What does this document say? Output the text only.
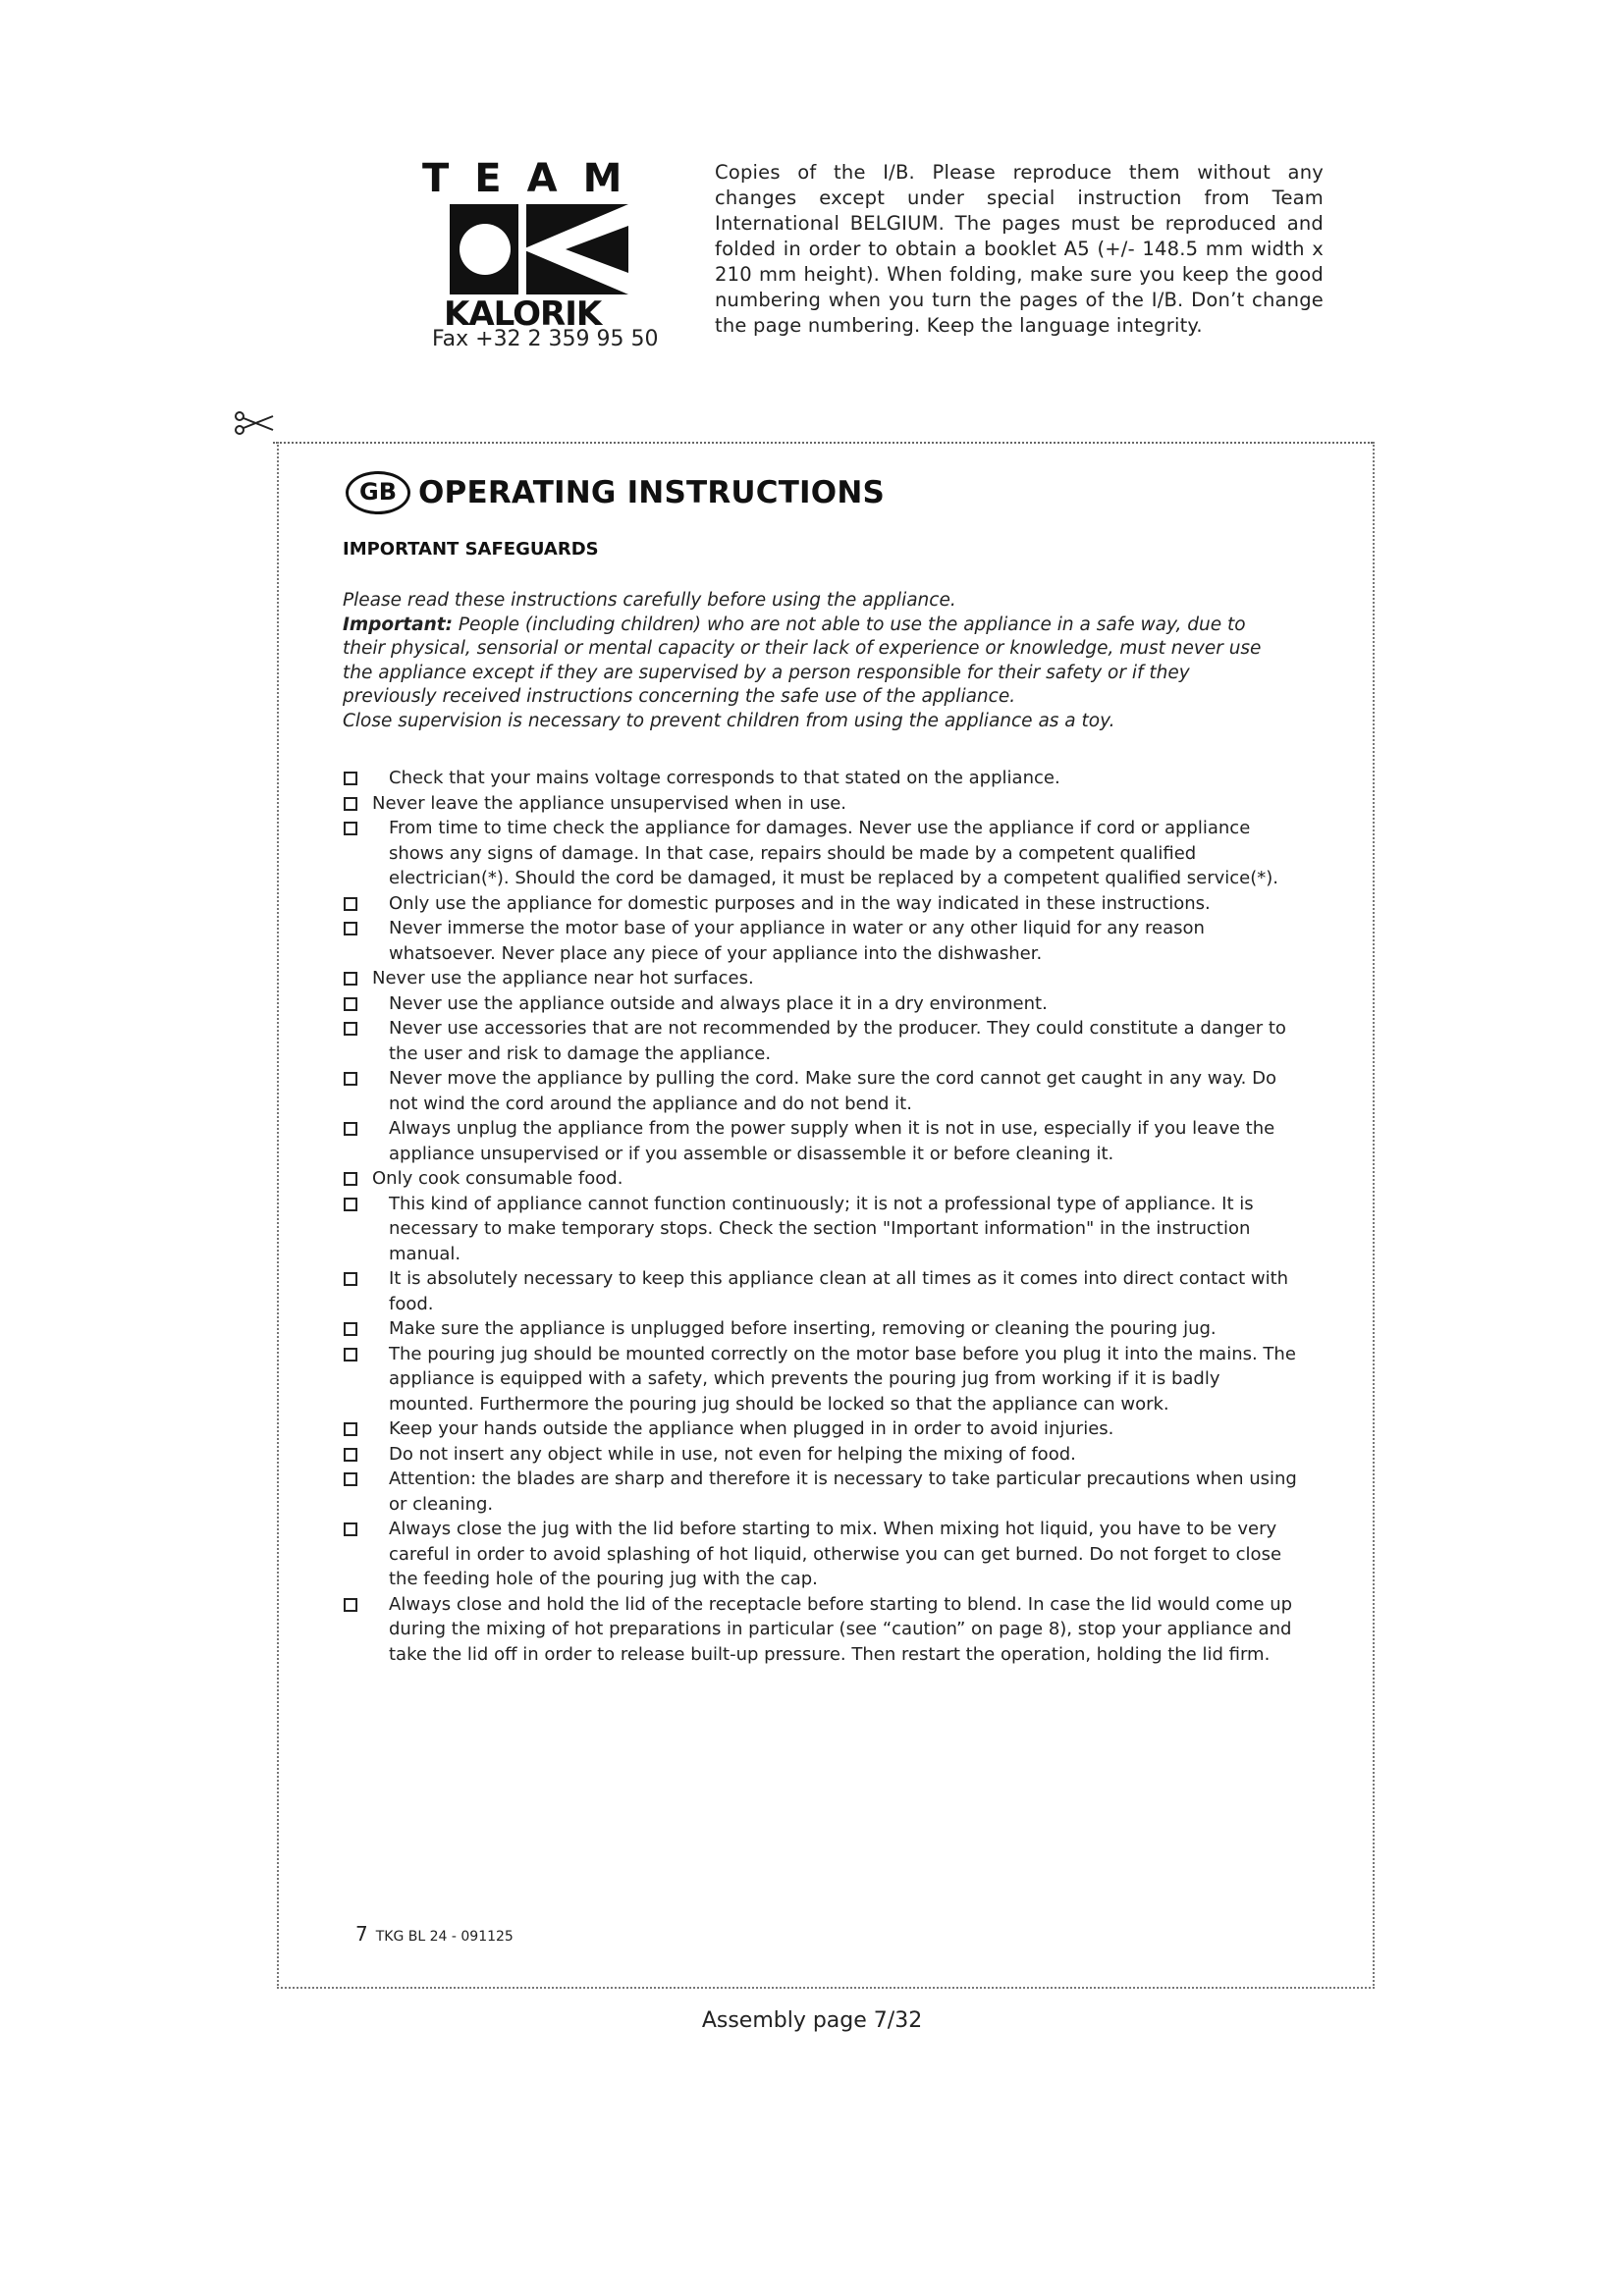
TEAM
KALORIK
Fax +32 2 359 95 50
Copies of the I/B. Please reproduce them without any changes except under special instruction from Team International BELGIUM. The pages must be reproduced and folded in order to obtain a booklet A5 (+/- 148.5 mm width x 210 mm height). When folding, make sure you keep the good numbering when you turn the pages of the I/B. Don’t change the page numbering. Keep the language integrity.
GB OPERATING INSTRUCTIONS
IMPORTANT SAFEGUARDS

Please read these instructions carefully before using the appliance.

Important: People (including children) who are not able to use the appliance in a safe way, due to their physical, sensorial or mental capacity or their lack of experience or knowledge, must never use the appliance except if they are supervised by a person responsible for their safety or if they previously received instructions concerning the safe use of the appliance.

Close supervision is necessary to prevent children from using the appliance as a toy.

Check that your mains voltage corresponds to that stated on the appliance.
Never leave the appliance unsupervised when in use.
From time to time check the appliance for damages. Never use the appliance if cord or appliance shows any signs of damage. In that case, repairs should be made by a competent qualified electrician(*). Should the cord be damaged, it must be replaced by a competent qualified service(*).
Only use the appliance for domestic purposes and in the way indicated in these instructions.
Never immerse the motor base of your appliance in water or any other liquid for any reason whatsoever. Never place any piece of your appliance into the dishwasher.
Never use the appliance near hot surfaces.
Never use the appliance outside and always place it in a dry environment.
Never use accessories that are not recommended by the producer. They could constitute a danger to the user and risk to damage the appliance.
Never move the appliance by pulling the cord. Make sure the cord cannot get caught in any way. Do not wind the cord around the appliance and do not bend it.
Always unplug the appliance from the power supply when it is not in use, especially if you leave the appliance unsupervised or if you assemble or disassemble it or before cleaning it.
Only cook consumable food.
This kind of appliance cannot function continuously; it is not a professional type of appliance. It is necessary to make temporary stops. Check the section "Important information" in the instruction manual.
It is absolutely necessary to keep this appliance clean at all times as it comes into direct contact with food.
Make sure the appliance is unplugged before inserting, removing or cleaning the pouring jug.
The pouring jug should be mounted correctly on the motor base before you plug it into the mains. The appliance is equipped with a safety, which prevents the pouring jug from working if it is badly mounted. Furthermore the pouring jug should be locked so that the appliance can work.
Keep your hands outside the appliance when plugged in in order to avoid injuries.
Do not insert any object while in use, not even for helping the mixing of food.
Attention: the blades are sharp and therefore it is necessary to take particular precautions when using or cleaning.
Always close the jug with the lid before starting to mix. When mixing hot liquid, you have to be very careful in order to avoid splashing of hot liquid, otherwise you can get burned. Do not forget to close the feeding hole of the pouring jug with the cap.
Always close and hold the lid of the receptacle before starting to blend. In case the lid would come up during the mixing of hot preparations in particular (see “caution” on page 8), stop your appliance and take the lid off in order to release built-up pressure. Then restart the operation, holding the lid firm.
7 TKG BL 24 - 091125
Assembly page 7/32
